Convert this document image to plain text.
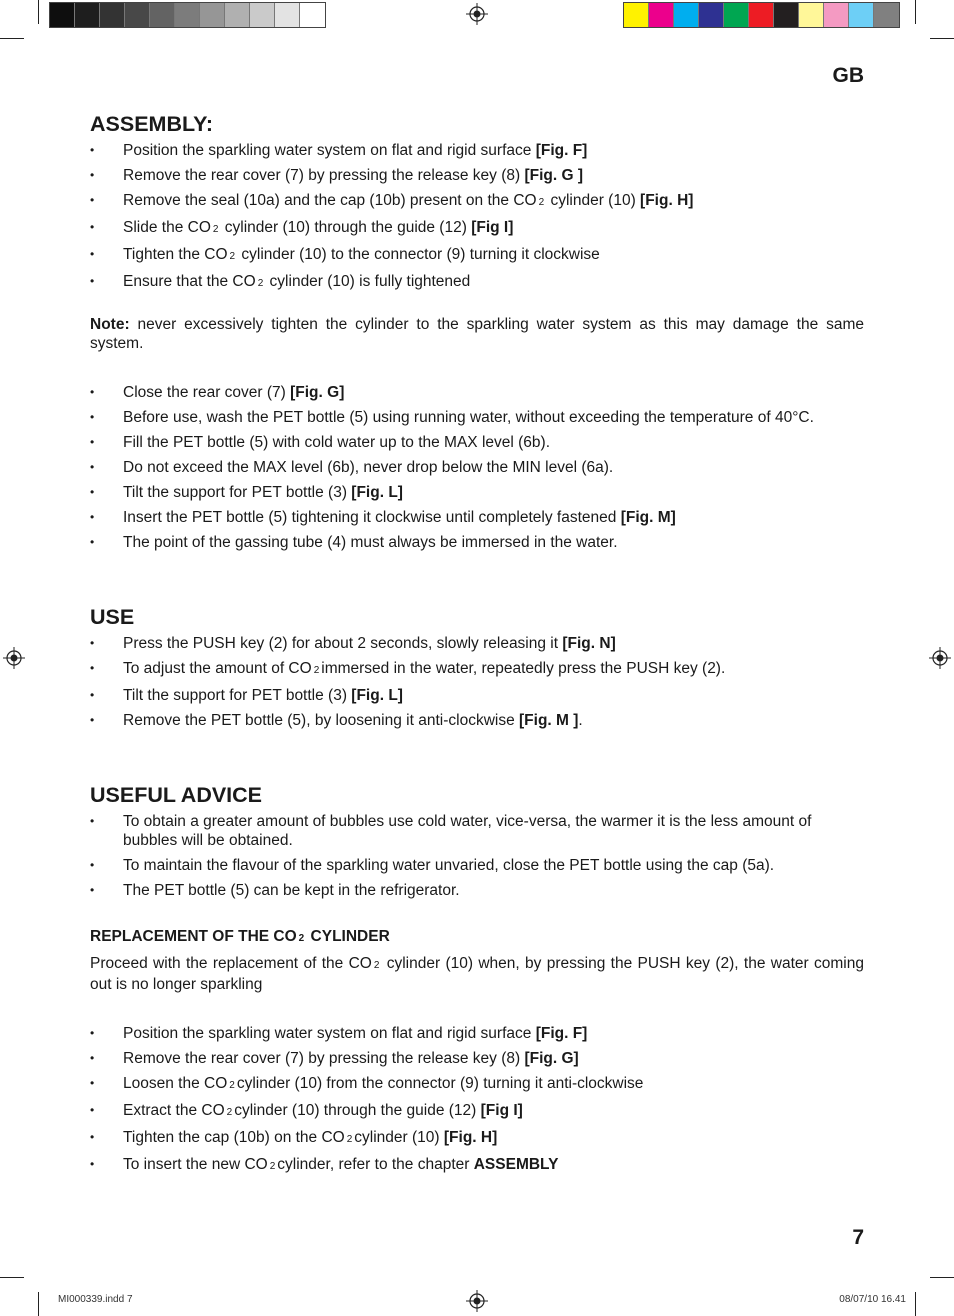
GB
ASSEMBLY:
• Position the sparkling water system on flat and rigid surface [Fig. F]
• Remove the rear cover (7) by pressing the release key (8) [Fig. G ]
• Remove the seal (10a) and the cap (10b) present on the CO 2 cylinder (10) [Fig. H]
• Slide the CO 2 cylinder (10) through the guide (12) [Fig I]
• Tighten the CO 2 cylinder (10) to the connector (9) turning it clockwise
• Ensure that the CO 2 cylinder (10) is fully tightened

Note: never excessively tighten the cylinder to the sparkling water system as this may damage the same system.

• Close the rear cover (7) [Fig. G]
• Before use, wash the PET bottle (5) using running water, without exceeding the temperature of 40°C.
• Fill the PET bottle (5) with cold water up to the MAX level (6b).
• Do not exceed the MAX level (6b), never drop below the MIN level (6a).
• Tilt the support for PET bottle (3) [Fig. L]
• Insert the PET bottle (5) tightening it clockwise until completely fastened [Fig. M]
• The point of the gassing tube (4) must always be immersed in the water.
USE
• Press the PUSH key (2) for about 2 seconds, slowly releasing it [Fig. N]
• To adjust the amount of CO 2 immersed in the water, repeatedly press the PUSH key (2).
• Tilt the support for PET bottle (3) [Fig. L]
• Remove the PET bottle (5), by loosening it anti-clockwise [Fig. M ].
USEFUL ADVICE
• To obtain a greater amount of bubbles use cold water, vice-versa, the warmer it is the less amount of bubbles will be obtained.
• To maintain the flavour of the sparkling water unvaried, close the PET bottle using the cap (5a).
• The PET bottle (5) can be kept in the refrigerator.
REPLACEMENT OF THE CO 2 CYLINDER

Proceed with the replacement of the CO 2 cylinder (10) when, by pressing the PUSH key (2), the water coming out is no longer sparkling

• Position the sparkling water system on flat and rigid surface [Fig. F]
• Remove the rear cover (7) by pressing the release key (8) [Fig. G]
• Loosen the CO 2 cylinder (10) from the connector (9) turning it anti-clockwise
• Extract the CO 2 cylinder (10) through the guide (12) [Fig I]
• Tighten the cap (10b) on the CO 2 cylinder (10) [Fig. H]
• To insert the new CO 2 cylinder, refer to the chapter ASSEMBLY
7
MI000339.indd 7	08/07/10 16.41
